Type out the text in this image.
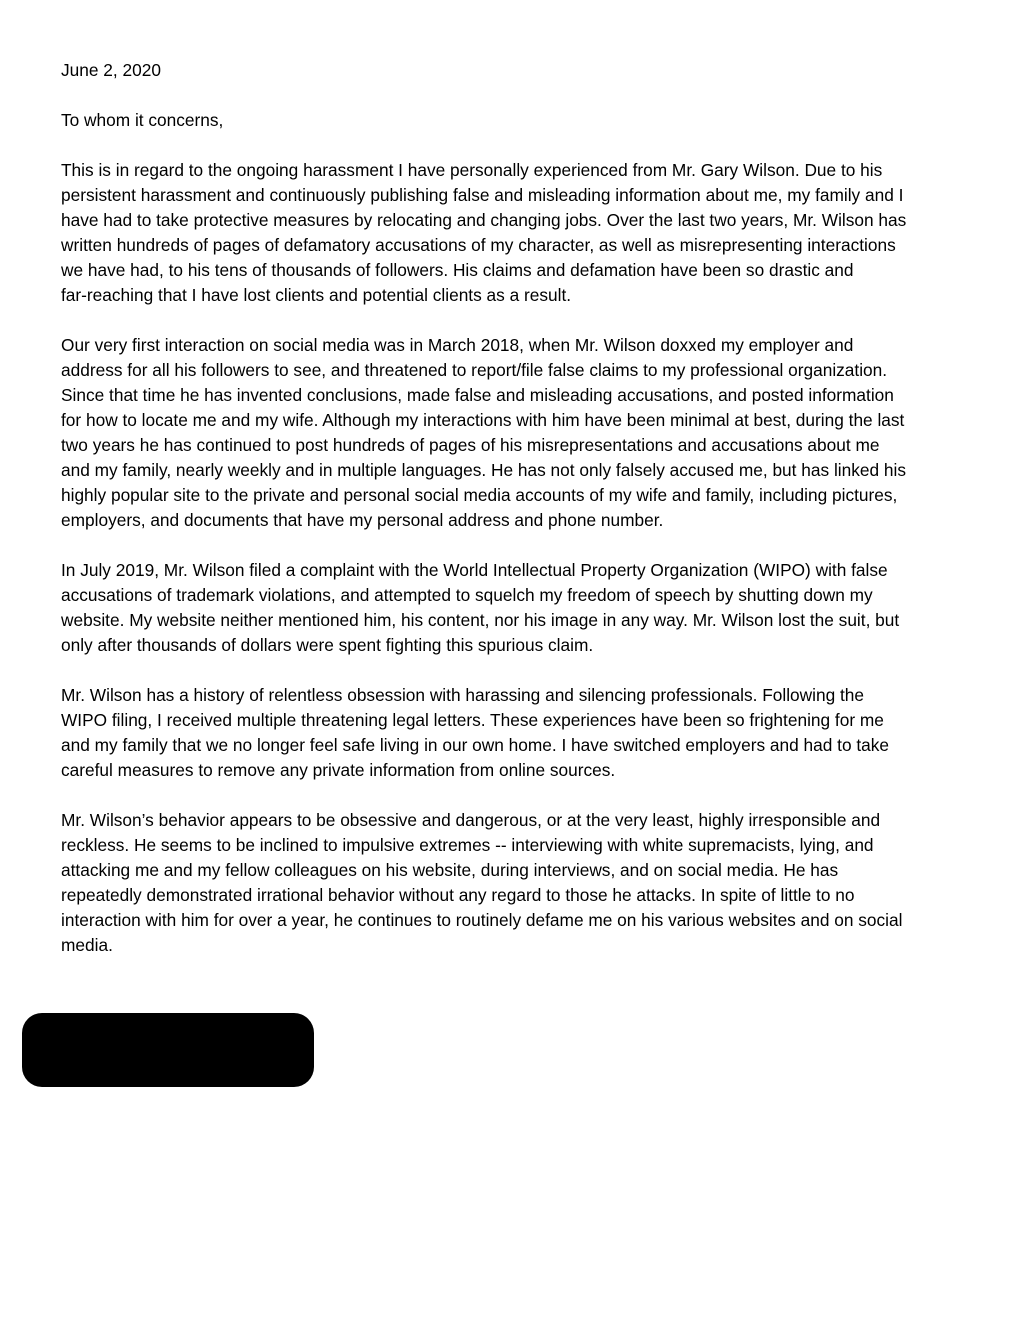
June 2, 2020
To whom it concerns,
This is in regard to the ongoing harassment I have personally experienced from Mr. Gary Wilson. Due to his
persistent harassment and continuously publishing false and misleading information about me, my family and I
have had to take protective measures by relocating and changing jobs. Over the last two years, Mr. Wilson has
written hundreds of pages of defamatory accusations of my character, as well as misrepresenting interactions
we have had, to his tens of thousands of followers. His claims and defamation have been so drastic and
far-reaching that I have lost clients and potential clients as a result.
Our very first interaction on social media was in March 2018, when Mr. Wilson doxxed my employer and
address for all his followers to see, and threatened to report/file false claims to my professional organization.
Since that time he has invented conclusions, made false and misleading accusations, and posted information
for how to locate me and my wife. Although my interactions with him have been minimal at best, during the last
two years he has continued to post hundreds of pages of his misrepresentations and accusations about me
and my family, nearly weekly and in multiple languages. He has not only falsely accused me, but has linked his
highly popular site to the private and personal social media accounts of my wife and family, including pictures,
employers, and documents that have my personal address and phone number.
In July 2019, Mr. Wilson filed a complaint with the World Intellectual Property Organization (WIPO) with false
accusations of trademark violations, and attempted to squelch my freedom of speech by shutting down my
website. My website neither mentioned him, his content, nor his image in any way. Mr. Wilson lost the suit, but
only after thousands of dollars were spent fighting this spurious claim.
Mr. Wilson has a history of relentless obsession with harassing and silencing professionals. Following the
WIPO filing, I received multiple threatening legal letters. These experiences have been so frightening for me
and my family that we no longer feel safe living in our own home. I have switched employers and had to take
careful measures to remove any private information from online sources.
Mr. Wilson’s behavior appears to be obsessive and dangerous, or at the very least, highly irresponsible and
reckless. He seems to be inclined to impulsive extremes -- interviewing with white supremacists, lying, and
attacking me and my fellow colleagues on his website, during interviews, and on social media. He has
repeatedly demonstrated irrational behavior without any regard to those he attacks. In spite of little to no
interaction with him for over a year, he continues to routinely defame me on his various websites and on social
media.
